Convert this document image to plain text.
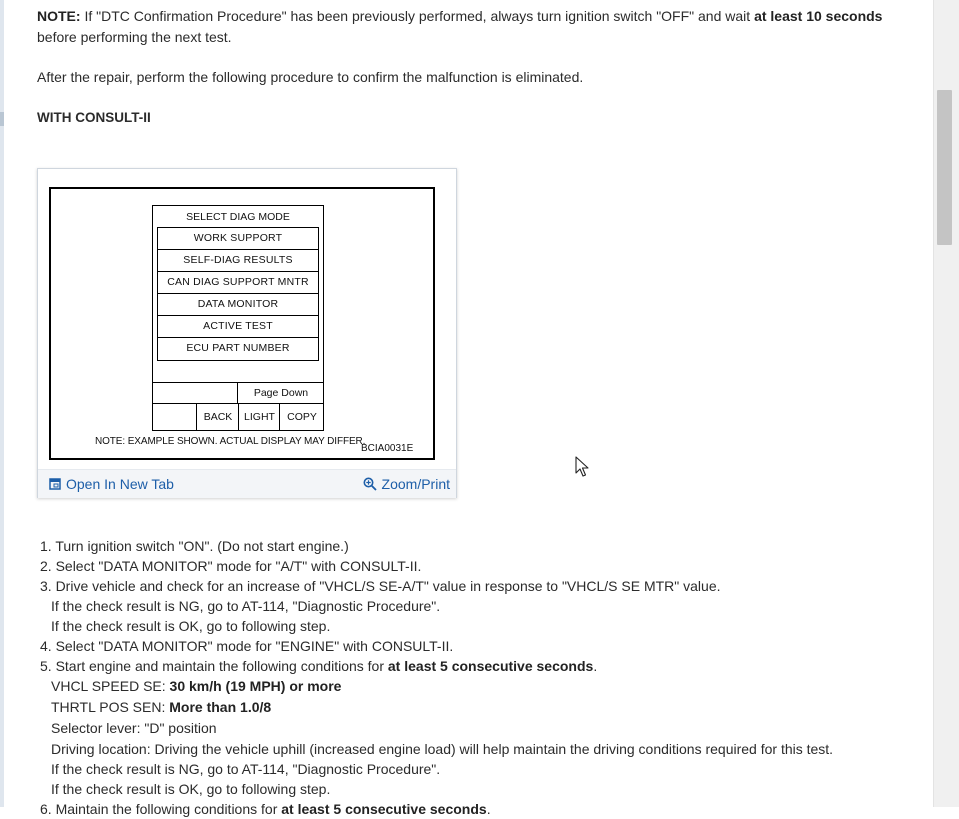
NOTE: If "DTC Confirmation Procedure" has been previously performed, always turn ignition switch "OFF" and wait at least 10 seconds before performing the next test.

After the repair, perform the following procedure to confirm the malfunction is eliminated.

WITH CONSULT-II

SELECT DIAG MODE
WORK SUPPORT
SELF-DIAG RESULTS
CAN DIAG SUPPORT MNTR
DATA MONITOR
ACTIVE TEST
ECU PART NUMBER
Page Down
BACK	LIGHT	COPY
NOTE: EXAMPLE SHOWN. ACTUAL DISPLAY MAY DIFFER.
BCIA0031E
Open In New Tab	Zoom/Print
1. Turn ignition switch "ON". (Do not start engine.)
2. Select "DATA MONITOR" mode for "A/T" with CONSULT-II.
3. Drive vehicle and check for an increase of "VHCL/S SE-A/T" value in response to "VHCL/S SE MTR" value.
If the check result is NG, go to AT-114, "Diagnostic Procedure".
If the check result is OK, go to following step.
4. Select "DATA MONITOR" mode for "ENGINE" with CONSULT-II.
5. Start engine and maintain the following conditions for at least 5 consecutive seconds.
VHCL SPEED SE: 30 km/h (19 MPH) or more
THRTL POS SEN: More than 1.0/8
Selector lever: "D" position
Driving location: Driving the vehicle uphill (increased engine load) will help maintain the driving conditions required for this test.
If the check result is NG, go to AT-114, "Diagnostic Procedure".
If the check result is OK, go to following step.
6. Maintain the following conditions for at least 5 consecutive seconds.
